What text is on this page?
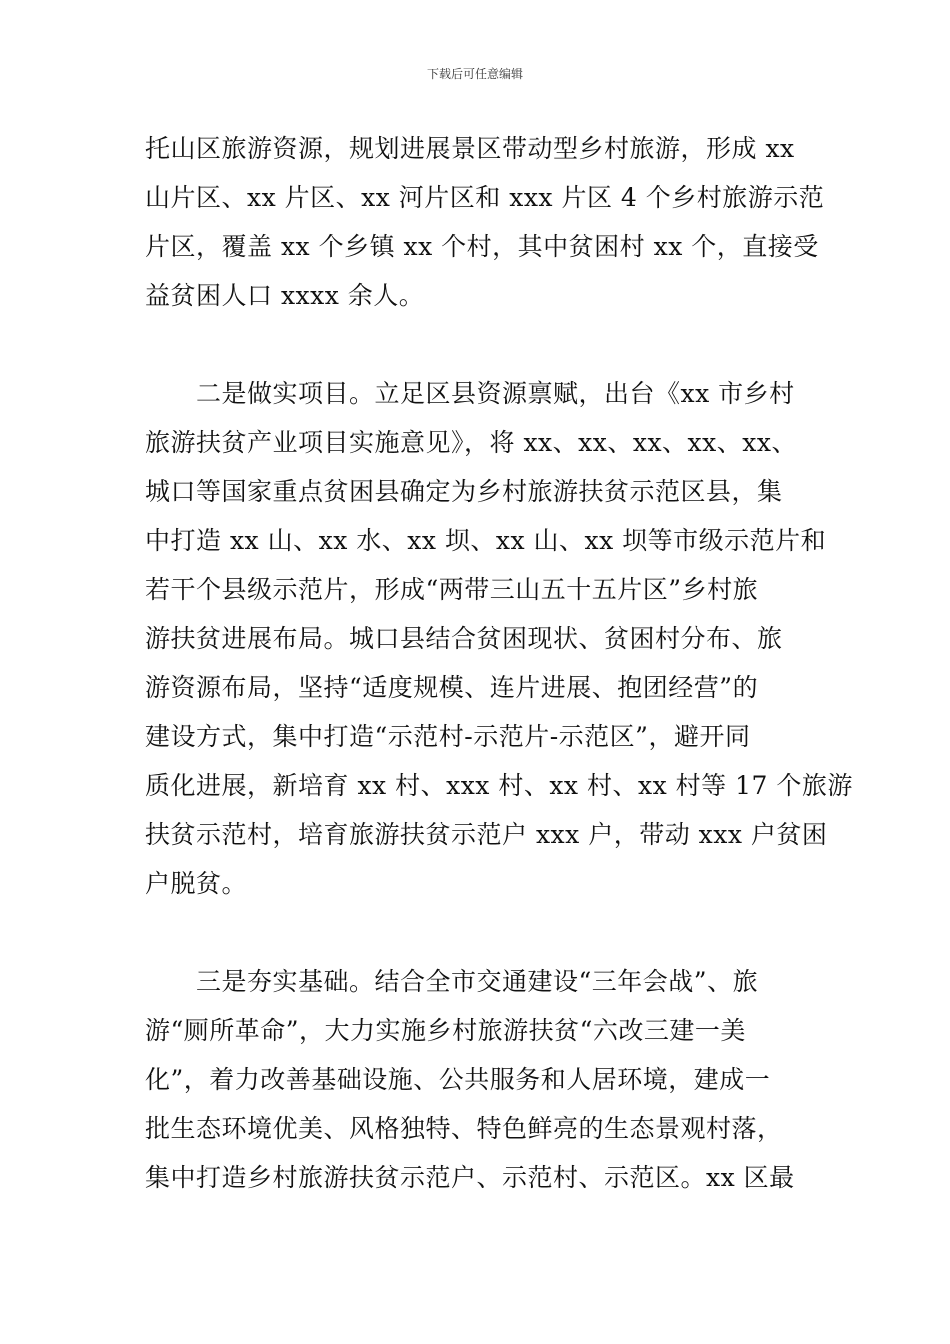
下载后可任意编辑
托山区旅游资源，规划进展景区带动型乡村旅游，形成 xx
山片区、xx 片区、xx 河片区和 xxx 片区 4 个乡村旅游示范
片区，覆盖 xx 个乡镇 xx 个村，其中贫困村 xx 个，直接受
益贫困人口 xxxx 余人。
　　二是做实项目。立足区县资源禀赋，出台《xx 市乡村
旅游扶贫产业项目实施意见》，将 xx、xx、xx、xx、xx、
城口等国家重点贫困县确定为乡村旅游扶贫示范区县，集
中打造 xx 山、xx 水、xx 坝、xx 山、xx 坝等市级示范片和
若干个县级示范片，形成“两带三山五十五片区”乡村旅
游扶贫进展布局。城口县结合贫困现状、贫困村分布、旅
游资源布局，坚持“适度规模、连片进展、抱团经营”的
建设方式，集中打造“示范村-示范片-示范区”，避开同
质化进展，新培育 xx 村、xxx 村、xx 村、xx 村等 17 个旅游
扶贫示范村，培育旅游扶贫示范户 xxx 户，带动 xxx 户贫困
户脱贫。
　　三是夯实基础。结合全市交通建设“三年会战”、旅
游“厕所革命”，大力实施乡村旅游扶贫“六改三建一美
化”，着力改善基础设施、公共服务和人居环境，建成一
批生态环境优美、风格独特、特色鲜亮的生态景观村落，
集中打造乡村旅游扶贫示范户、示范村、示范区。xx 区最
